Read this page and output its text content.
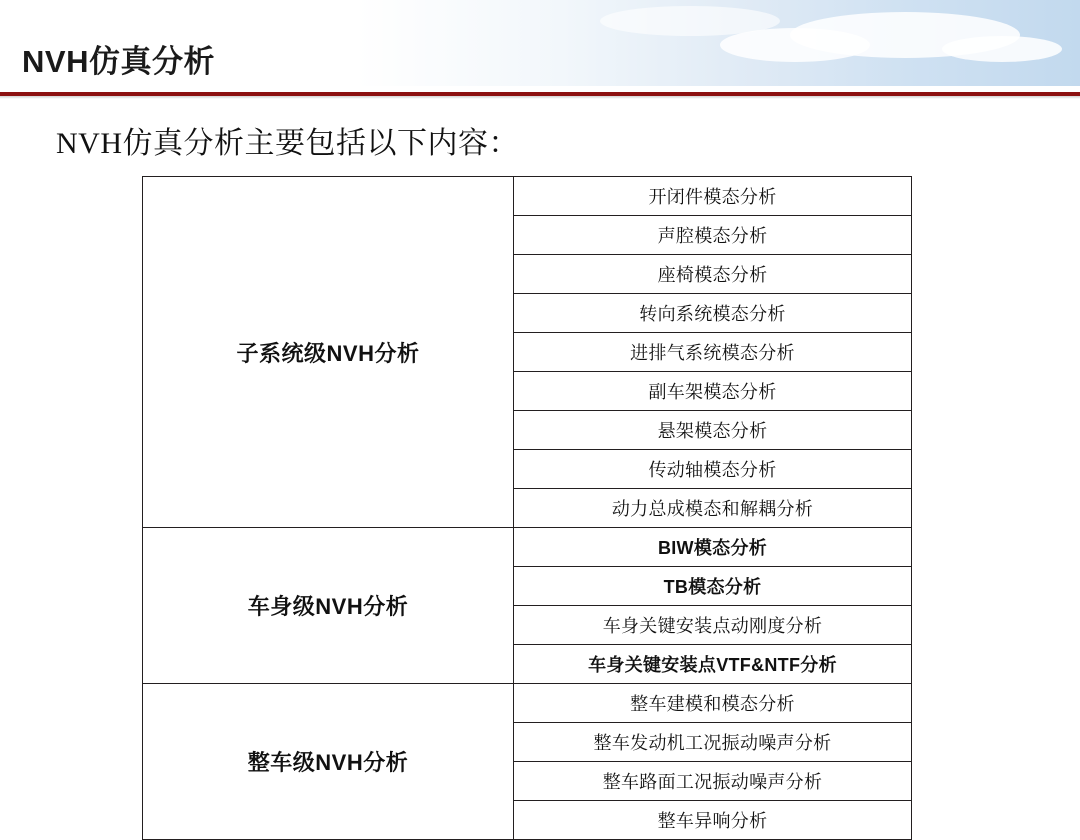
NVH仿真分析
NVH仿真分析主要包括以下内容：
子系统级NVH分析	开闭件模态分析
	声腔模态分析
	座椅模态分析
	转向系统模态分析
	进排气系统模态分析
	副车架模态分析
	悬架模态分析
	传动轴模态分析
	动力总成模态和解耦分析
车身级NVH分析	BIW模态分析
	TB模态分析
	车身关键安装点动刚度分析
	车身关键安装点VTF&NTF分析
整车级NVH分析	整车建模和模态分析
	整车发动机工况振动噪声分析
	整车路面工况振动噪声分析
	整车异响分析
